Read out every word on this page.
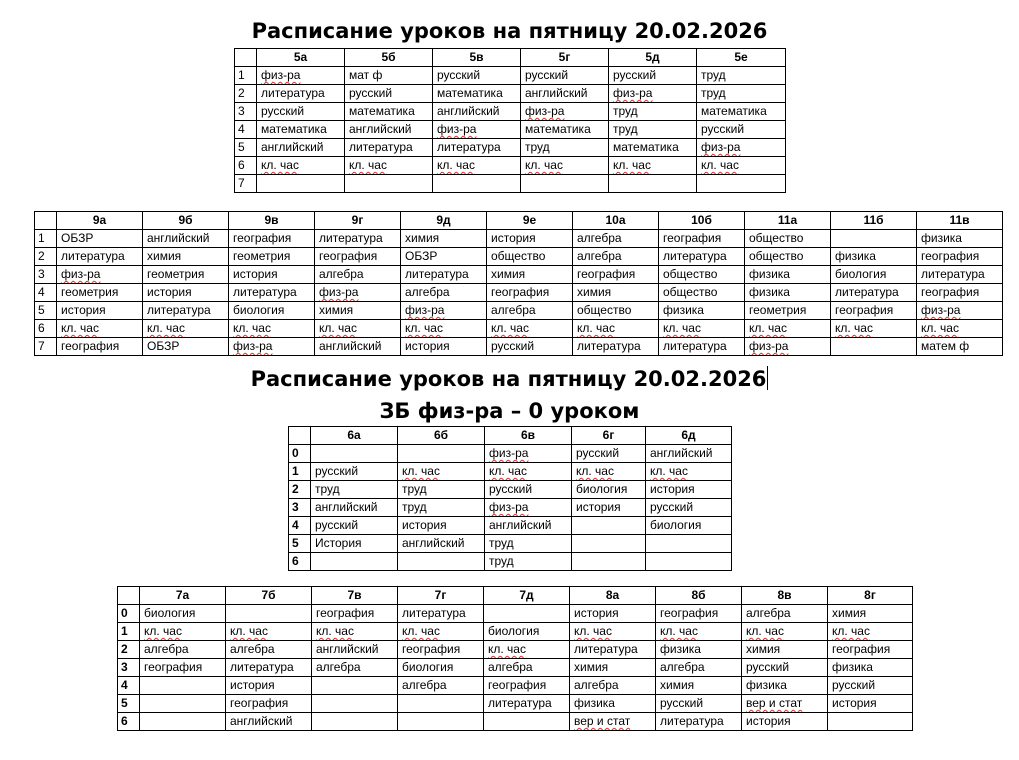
Расписание уроков на пятницу 20.02.2026
	5а	5б	5в	5г	5д	5е
1	физ-ра	мат ф	русский	русский	русский	труд
2	литература	русский	математика	английский	физ-ра	труд
3	русский	математика	английский	физ-ра	труд	математика
4	математика	английский	физ-ра	математика	труд	русский
5	английский	литература	литература	труд	математика	физ-ра
6	кл. час	кл. час	кл. час	кл. час	кл. час	кл. час
7						
	9а	9б	9в	9г	9д	9е	10а	10б	11а	11б	11в
1	ОБЗР	английский	география	литература	химия	история	алгебра	география	общество		физика
2	литература	химия	геометрия	география	ОБЗР	общество	алгебра	литература	общество	физика	география
3	физ-ра	геометрия	история	алгебра	литература	химия	география	общество	физика	биология	литература
4	геометрия	история	литература	физ-ра	алгебра	география	химия	общество	физика	литература	география
5	история	литература	биология	химия	физ-ра	алгебра	общество	физика	геометрия	география	физ-ра
6	кл. час	кл. час	кл. час	кл. час	кл. час	кл. час	кл. час	кл. час	кл. час	кл. час	кл. час
7	география	ОБЗР	физ-ра	английский	история	русский	литература	литература	физ-ра		матем ф
Расписание уроков на пятницу 20.02.2026
ЗБ физ-ра – 0 уроком
	6а	6б	6в	6г	6д
0			физ-ра	русский	английский
1	русский	кл. час	кл. час	кл. час	кл. час
2	труд	труд	русский	биология	история
3	английский	труд	физ-ра	история	русский
4	русский	история	английский		биология
5	История	английский	труд		
6			труд		
	7а	7б	7в	7г	7д	8а	8б	8в	8г
0	биология		география	литература		история	география	алгебра	химия
1	кл. час	кл. час	кл. час	кл. час	биология	кл. час	кл. час	кл. час	кл. час
2	алгебра	алгебра	английский	география	кл. час	литература	физика	химия	география
3	география	литература	алгебра	биология	алгебра	химия	алгебра	русский	физика
4		история		алгебра	география	алгебра	химия	физика	русский
5		география			литература	физика	русский	вер и стат	история
6		английский				вер и стат	литература	история	
